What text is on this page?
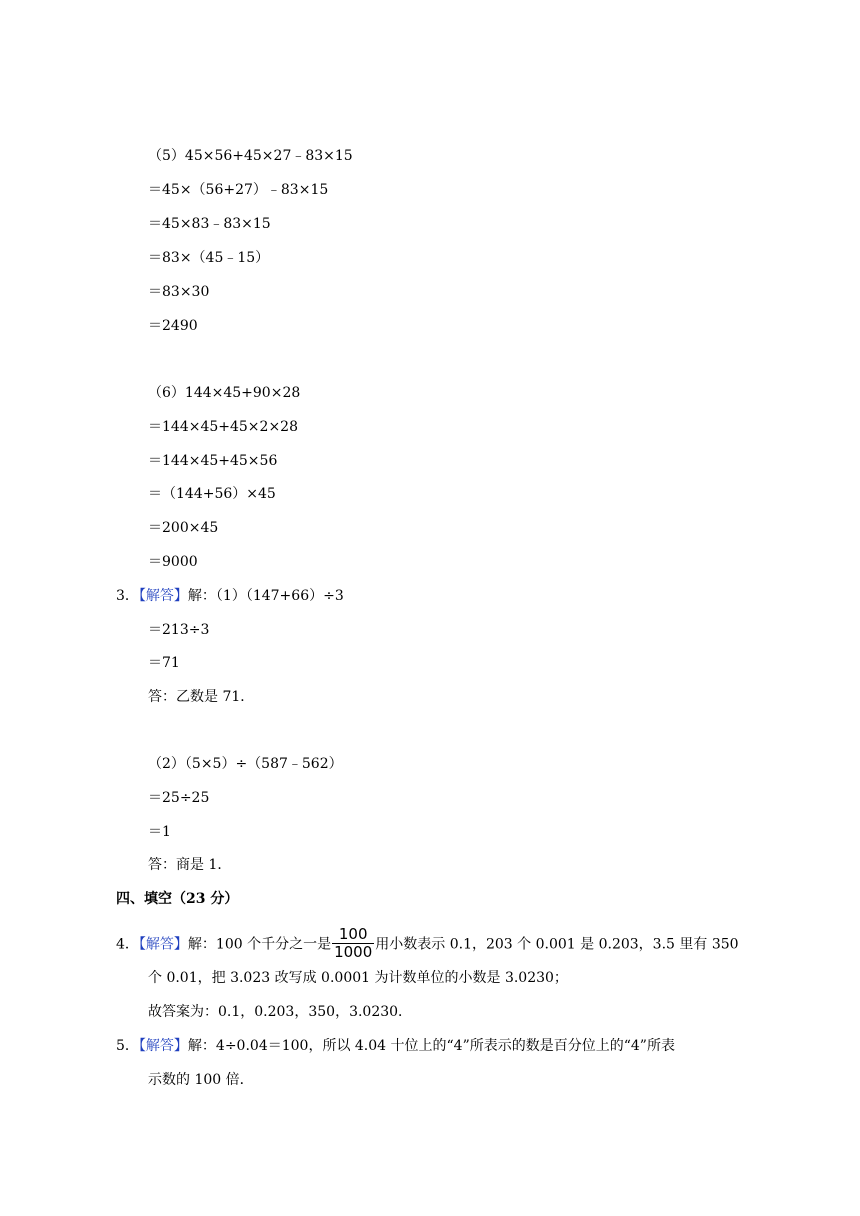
（5）45×56+45×27﹣83×15
＝45×（56+27）﹣83×15
＝45×83﹣83×15
＝83×（45﹣15）
＝83×30
＝2490
（6）144×45+90×28
＝144×45+45×2×28
＝144×45+45×56
＝（144+56）×45
＝200×45
＝9000
3．【解答】解：（1）（147+66）÷3
＝213÷3
＝71
答：乙数是 71．
（2）（5×5）÷（587﹣562）
＝25÷25
＝1
答：商是 1．
四、填空（23 分）
4．【解答】解：100 个千分之一是 $\frac{100}{1000}$ 用小数表示 0.1，203 个 0.001 是 0.203，3.5 里有 350
个 0.01，把 3.023 改写成 0.0001 为计数单位的小数是 3.0230；
故答案为：0.1，0.203，350，3.0230．
5．【解答】解：4÷0.04＝100，所以 4.04 十位上的“4”所表示的数是百分位上的“4”所表
示数的 100 倍．
